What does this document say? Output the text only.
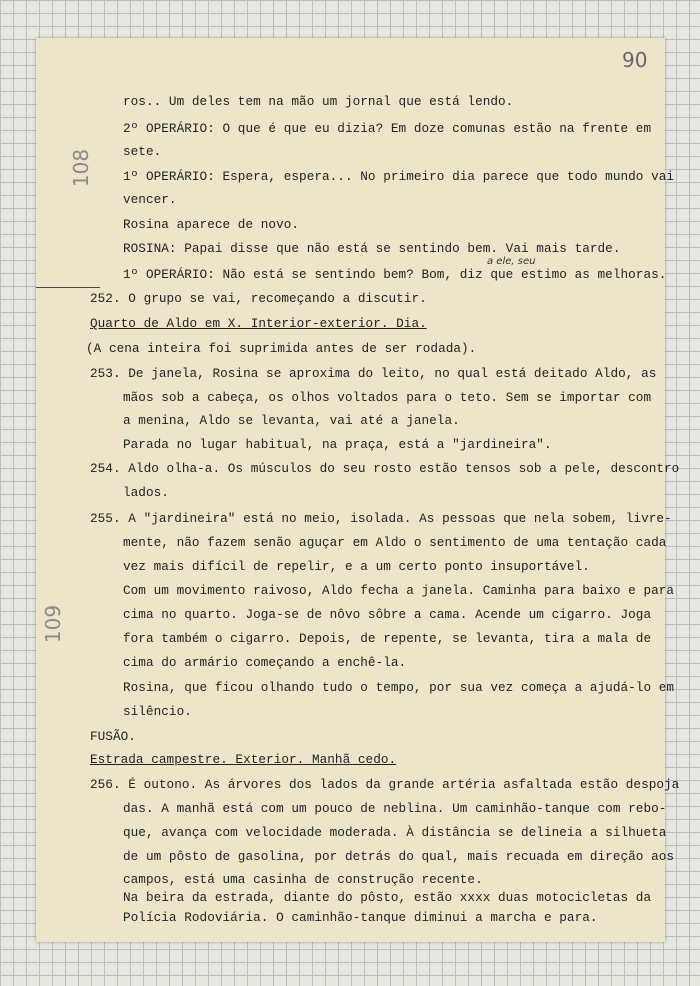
90
108
109
a ele, seu
ros.. Um deles tem na mão um jornal que está lendo.
2º OPERÁRIO: O que é que eu dizia? Em doze comunas estão na frente em
sete.
1º OPERÁRIO: Espera, espera... No primeiro dia parece que todo mundo vai
vencer.
Rosina aparece de novo.
ROSINA: Papai disse que não está se sentindo bem. Vai mais tarde.
1º OPERÁRIO: Não está se sentindo bem? Bom, diz que estimo as melhoras.
252. O grupo se vai, recomeçando a discutir.
Quarto de Aldo em X. Interior-exterior. Dia.
(A cena inteira foi suprimida antes de ser rodada).
253. De janela, Rosina se aproxima do leito, no qual está deitado Aldo, as
mãos sob a cabeça, os olhos voltados para o teto. Sem se importar com
a menina, Aldo se levanta, vai até a janela.
Parada no lugar habitual, na praça, está a "jardineira".
254. Aldo olha-a. Os músculos do seu rosto estão tensos sob a pele, descontro
lados.
255. A "jardineira" está no meio, isolada. As pessoas que nela sobem, livre-
mente, não fazem senão aguçar em Aldo o sentimento de uma tentação cada
vez mais difícil de repelir, e a um certo ponto insuportável.
Com um movimento raivoso, Aldo fecha a janela. Caminha para baixo e para
cima no quarto. Joga-se de nôvo sôbre a cama. Acende um cigarro. Joga
fora também o cigarro. Depois, de repente, se levanta, tira a mala de
cima do armário começando a enchê-la.
Rosina, que ficou olhando tudo o tempo, por sua vez começa a ajudá-lo em
silêncio.
FUSÃO.
Estrada campestre. Exterior. Manhã cedo.
256. É outono. As árvores dos lados da grande artéria asfaltada estão despoja
das. A manhã está com um pouco de neblina. Um caminhão-tanque com rebo-
que, avança com velocidade moderada. À distância se delineia a silhueta
de um pôsto de gasolina, por detrás do qual, mais recuada em direção aos
campos, está uma casinha de construção recente.
Na beira da estrada, diante do pôsto, estão xxxx duas motocicletas da
Polícia Rodoviária. O caminhão-tanque diminui a marcha e para.
